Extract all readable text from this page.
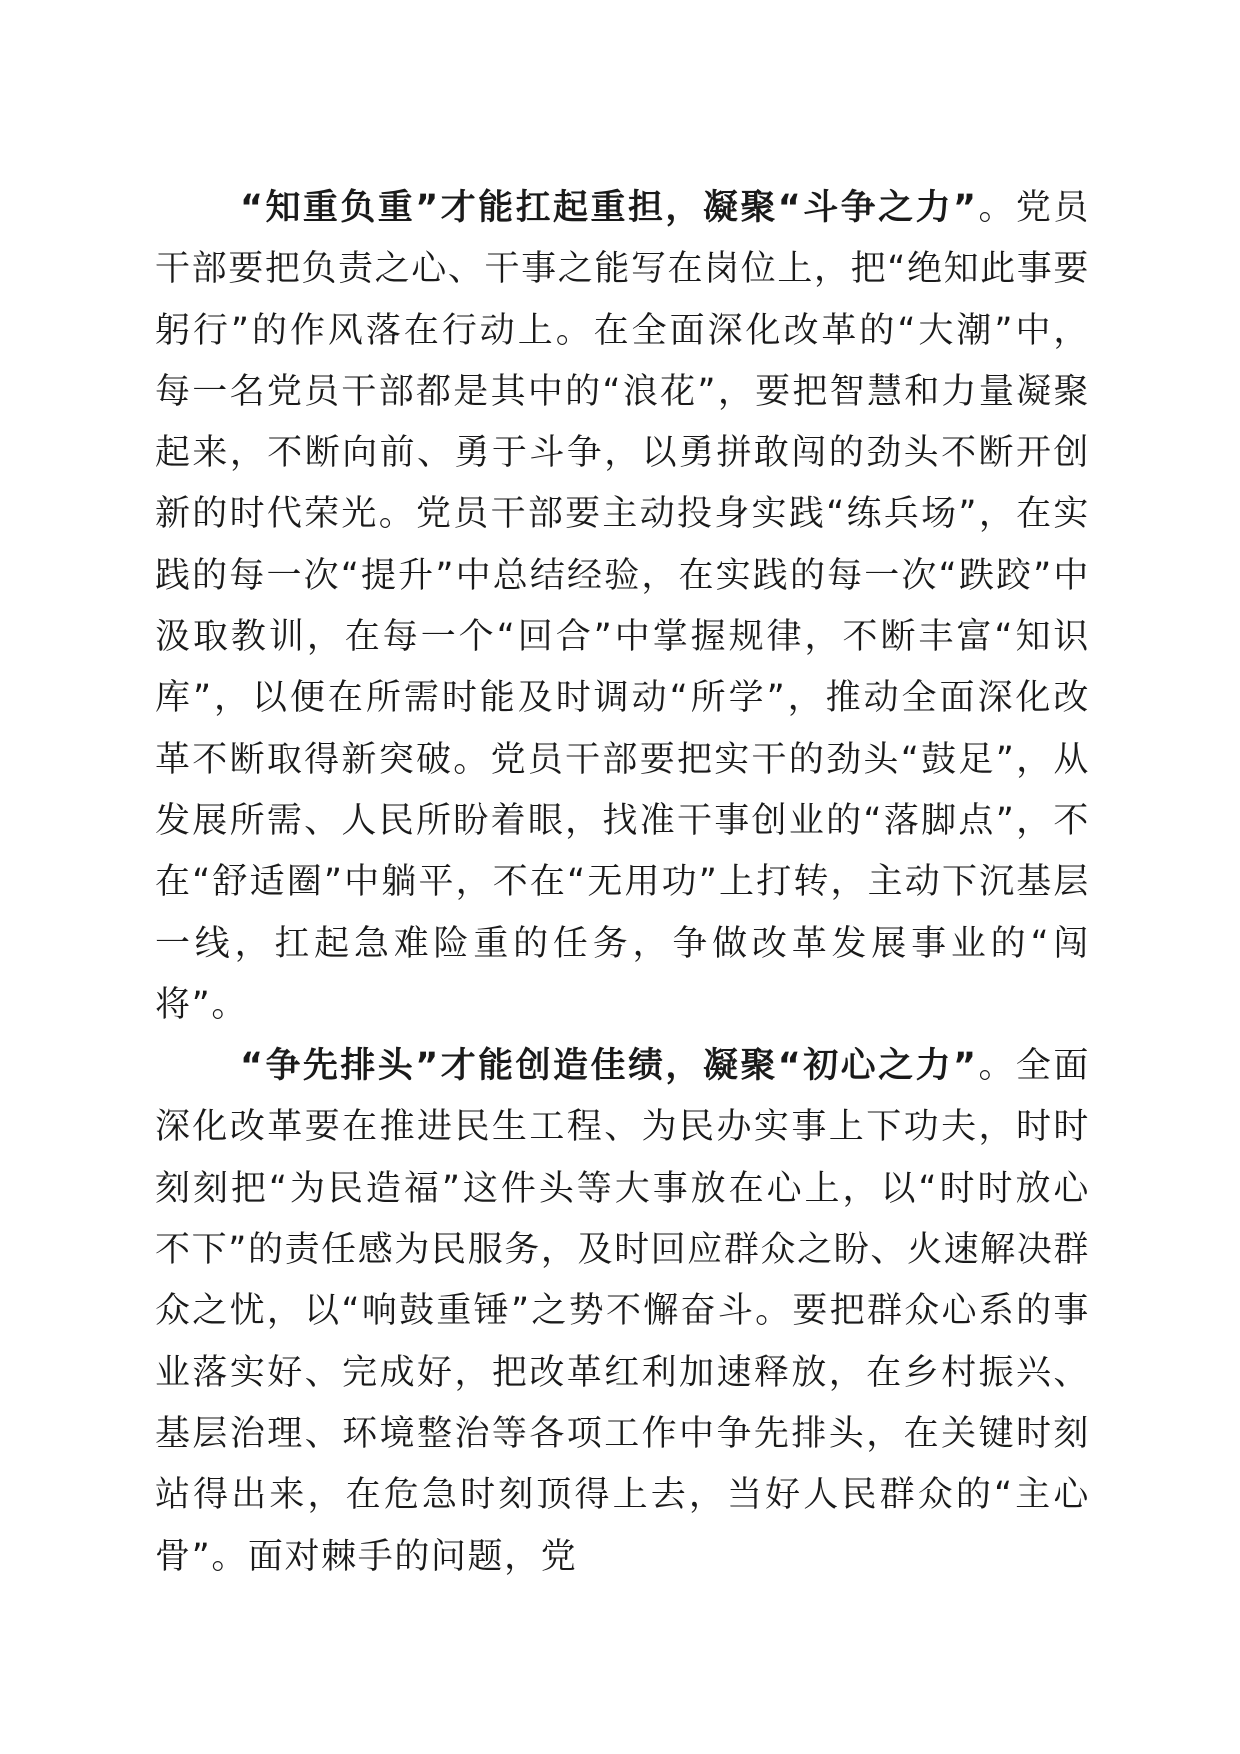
“知重负重”才能扛起重担，凝聚“斗争之力”。党员干部要把负责之心、干事之能写在岗位上，把“绝知此事要躬行”的作风落在行动上。在全面深化改革的“大潮”中，每一名党员干部都是其中的“浪花”，要把智慧和力量凝聚起来，不断向前、勇于斗争，以勇拼敢闯的劲头不断开创新的时代荣光。党员干部要主动投身实践“练兵场”，在实践的每一次“提升”中总结经验，在实践的每一次“跌跤”中汲取教训，在每一个“回合”中掌握规律，不断丰富“知识库”，以便在所需时能及时调动“所学”，推动全面深化改革不断取得新突破。党员干部要把实干的劲头“鼓足”，从发展所需、人民所盼着眼，找准干事创业的“落脚点”，不在“舒适圈”中躺平，不在“无用功”上打转，主动下沉基层一线，扛起急难险重的任务，争做改革发展事业的“闯将”。

“争先排头”才能创造佳绩，凝聚“初心之力”。全面深化改革要在推进民生工程、为民办实事上下功夫，时时刻刻把“为民造福”这件头等大事放在心上，以“时时放心不下”的责任感为民服务，及时回应群众之盼、火速解决群众之忧，以“响鼓重锤”之势不懈奋斗。要把群众心系的事业落实好、完成好，把改革红利加速释放，在乡村振兴、基层治理、环境整治等各项工作中争先排头，在关键时刻站得出来，在危急时刻顶得上去，当好人民群众的“主心骨”。面对棘手的问题，党
